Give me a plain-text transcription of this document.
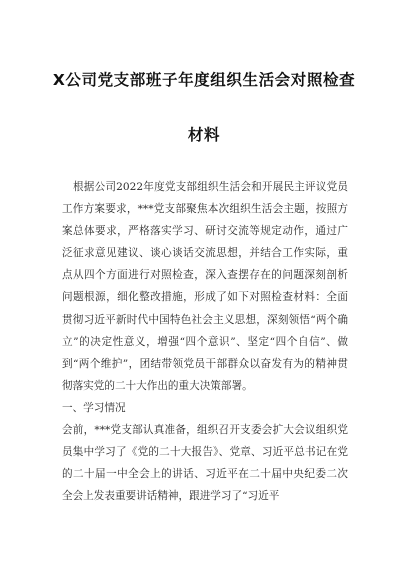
X公司党支部班子年度组织生活会对照检查
材料

根据公司2022年度党支部组织生活会和开展民主评议党员工作方案要求，***党支部聚焦本次组织生活会主题，按照方案总体要求，严格落实学习、研讨交流等规定动作，通过广泛征求意见建议、谈心谈话交流思想，并结合工作实际，重点从四个方面进行对照检查，深入查摆存在的问题深刻剖析问题根源，细化整改措施，形成了如下对照检查材料：全面贯彻习近平新时代中国特色社会主义思想，深刻领悟“两个确立”的决定性意义，增强“四个意识”、坚定“四个自信”、做到“两个维护”，团结带领党员干部群众以奋发有为的精神贯彻落实党的二十大作出的重大决策部署。

一、学习情况

会前，***党支部认真准备，组织召开支委会扩大会议组织党员集中学习了《党的二十大报告》、党章、习近平总书记在党的二十届一中全会上的讲话、习近平在二十届中央纪委二次全会上发表重要讲话精神，跟进学习了“习近平
